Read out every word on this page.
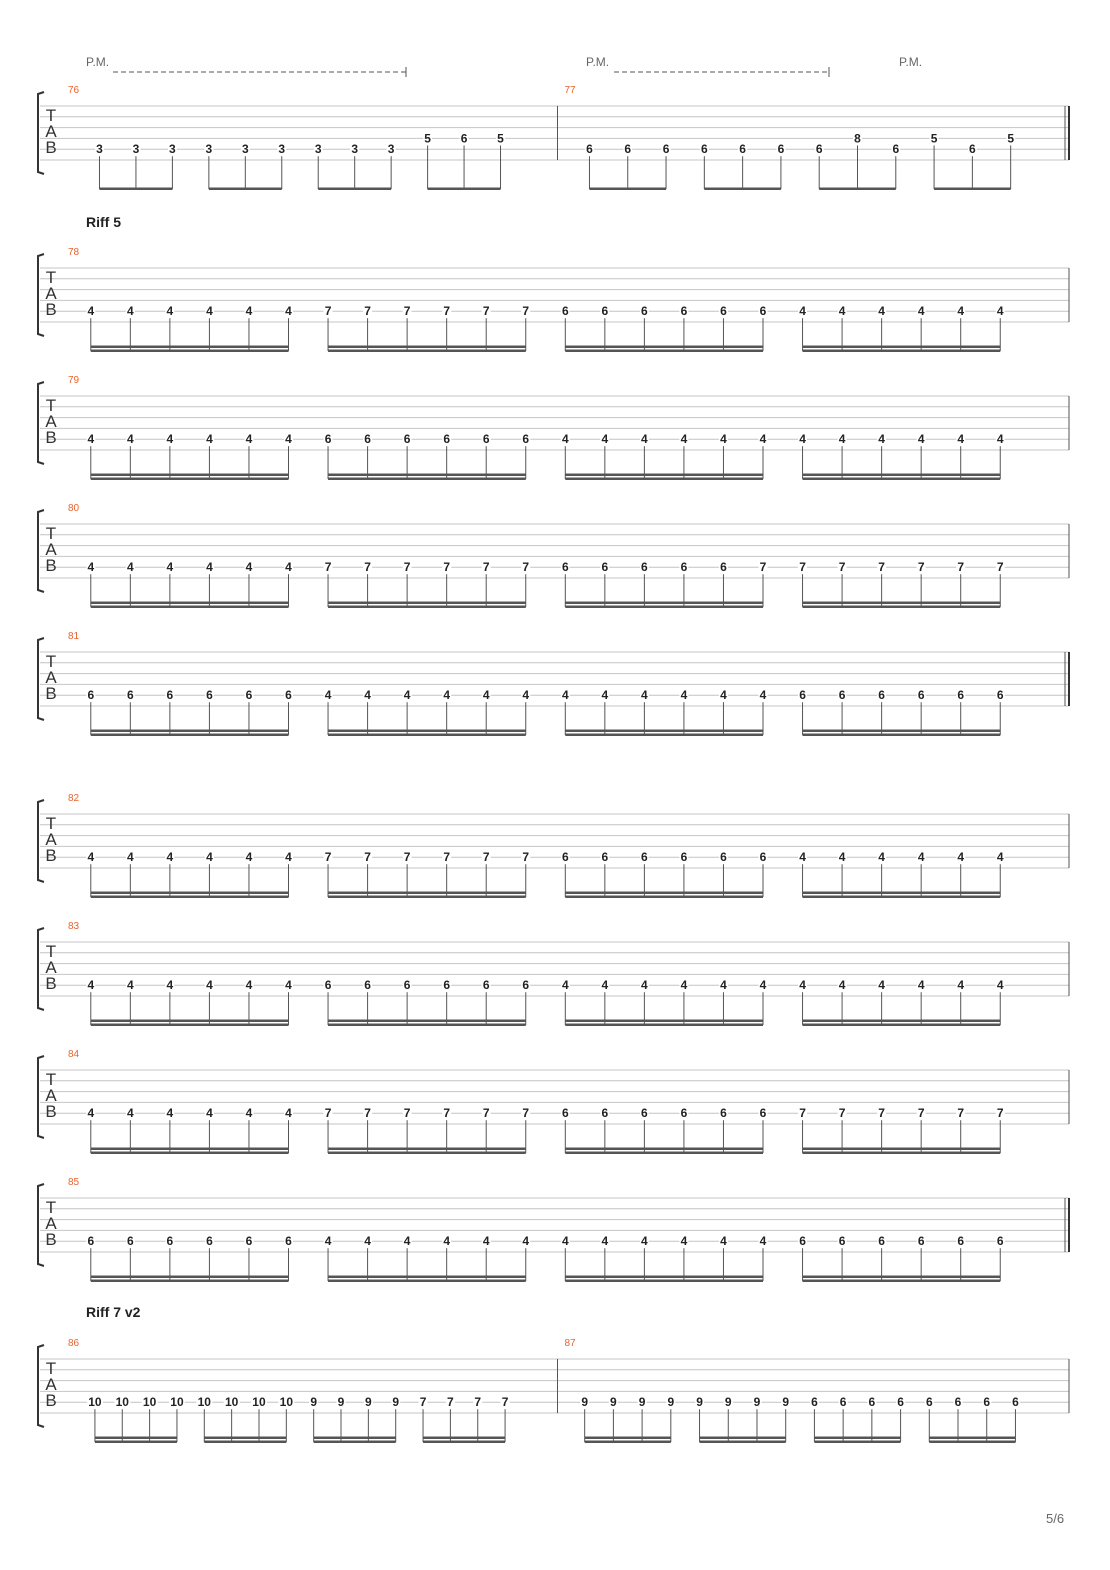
T
A
B
P.M.	P.M.	P.M.
76
3 3 3 3 3 3 3 3 3
5 6 5
77
6	6	6	6	6	6	6
8
6
5
6
5
T
A
B
Riff 5
78
4	4	4	4	4	4	7	7	7	7	7	7	6	6	6	6	6	6	4	4	4	4	4	4
T
A
B
79
4	4	4	4	4	4	6	6	6	6	6	6	4	4	4	4	4	4	4	4	4	4	4	4
T
A
B
80
4	4	4	4	4	4	7	7	7	7	7	7	6	6	6	6	6	7	7	7	7	7	7	7
T
A
B
81
6	6	6	6	6	6	4	4	4	4	4	4	4	4	4	4	4	4	6	6	6	6	6	6
T
A
B
82
4	4	4	4	4	4	7	7	7	7	7	7	6	6	6	6	6	6	4	4	4	4	4	4
T
A
B
83
4	4	4	4	4	4	6	6	6	6	6	6	4	4	4	4	4	4	4	4	4	4	4	4
T
A
B
84
4	4	4	4	4	4	7	7	7	7	7	7	6	6	6	6	6	6	7	7	7	7	7	7
T
A
B
85
6	6	6	6	6	6	4	4	4	4	4	4	4	4	4	4	4	4	6	6	6	6	6	6
T
A
B
Riff 7 v2
86
10 10 10 10 10 10 10 10 9 9 9 9 7 7 7 7
87
9 9 9 9 9 9 9 9 6 6 6 6 6 6 6 6
5/6
